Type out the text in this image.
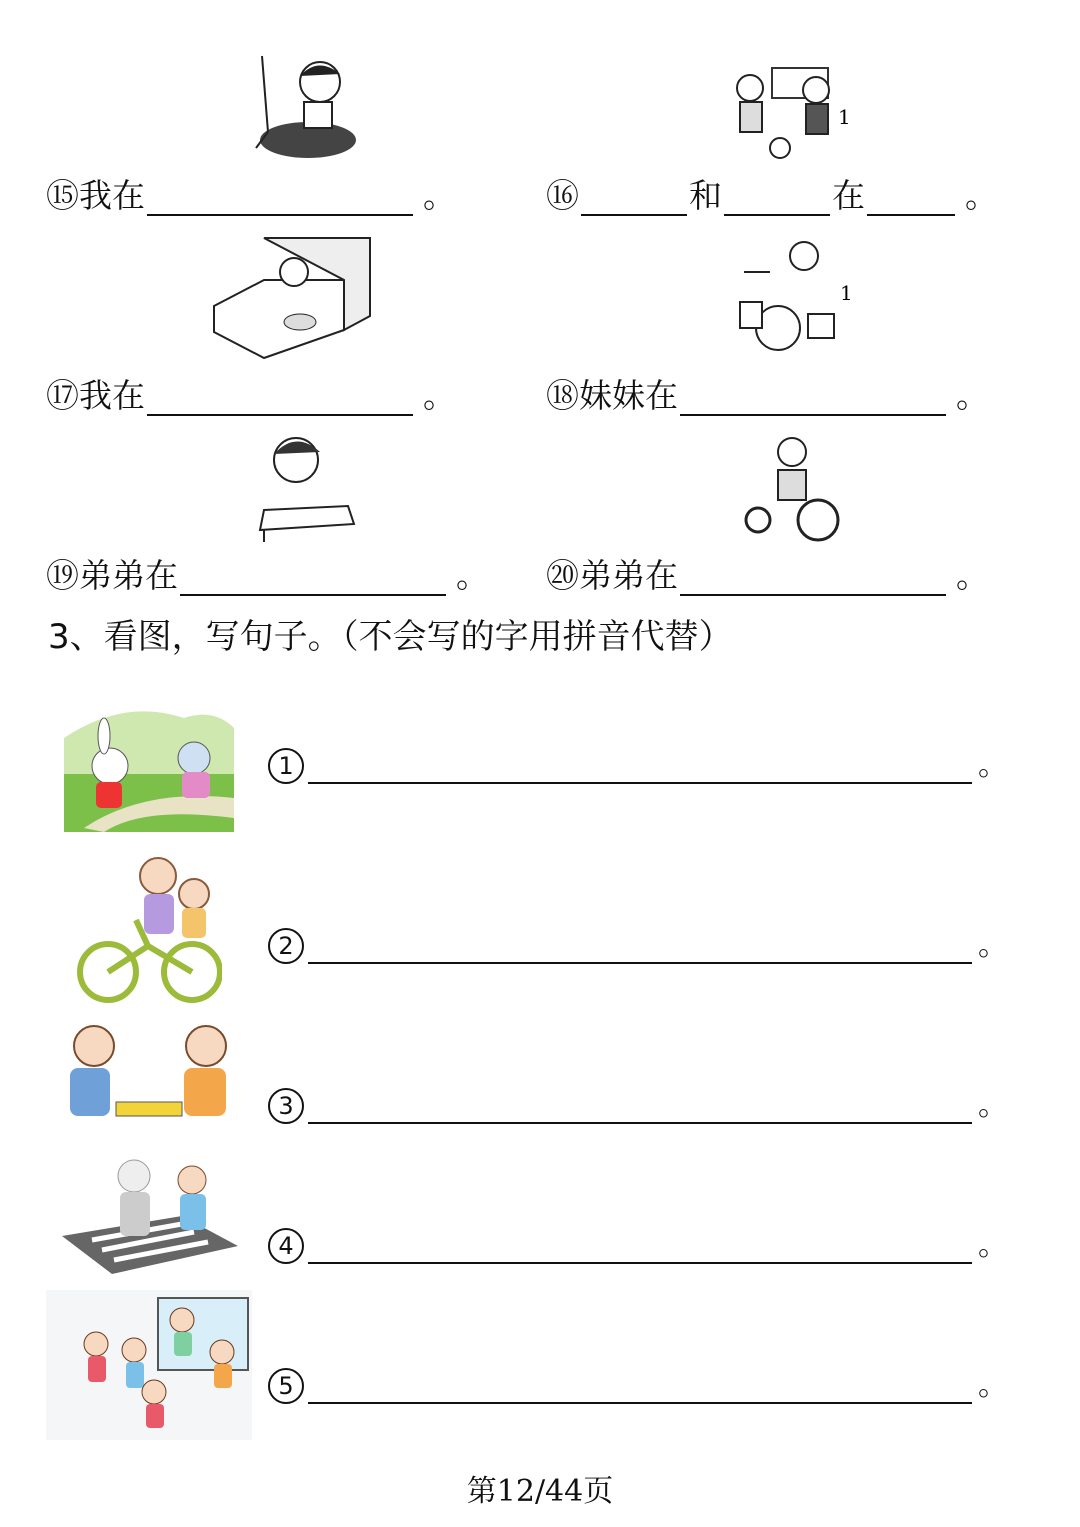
1
1
⑮ 我在	。	⑯	和	在	。
⑰ 我在	。	⑱ 妹妹在	。
⑲ 弟弟在	。 ⑳ 弟弟在	。
3、看图，写句子。（不会写的字用拼音代替）
1	。
2	。
3	。
4	。
5	。
第12/44页
